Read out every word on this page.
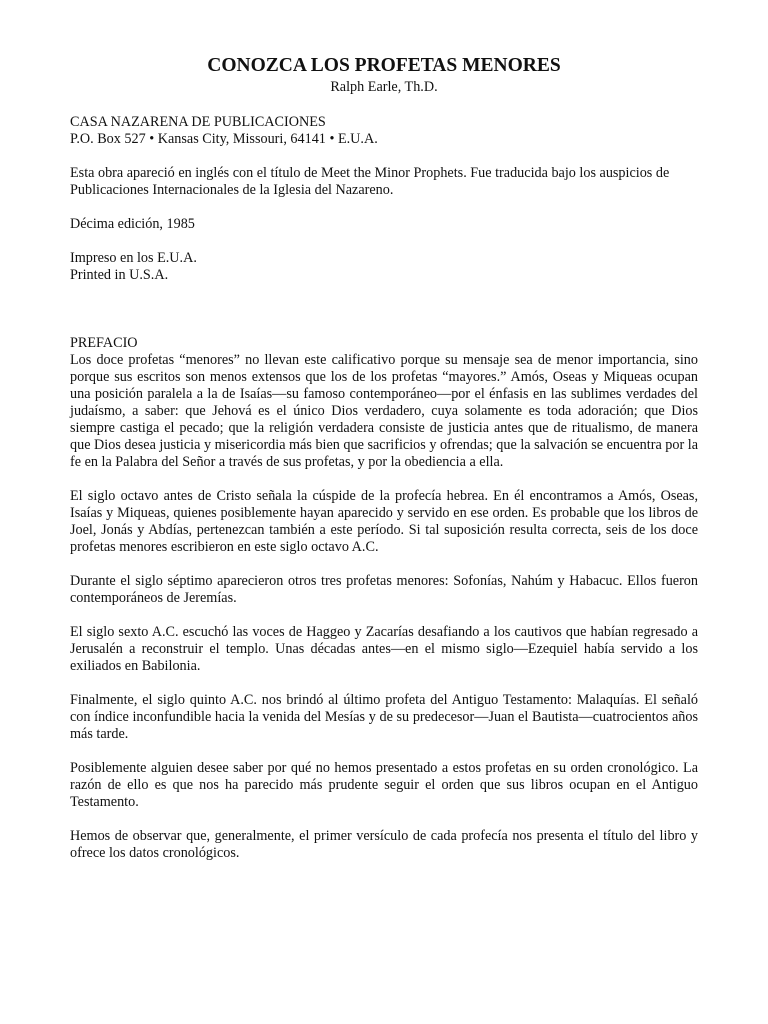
CONOZCA LOS PROFETAS MENORES

Ralph Earle, Th.D.

CASA NAZARENA DE PUBLICACIONES
P.O. Box 527 • Kansas City, Missouri, 64141 • E.U.A.

Esta obra apareció en inglés con el título de Meet the Minor Prophets. Fue traducida bajo los auspicios de Publicaciones Internacionales de la Iglesia del Nazareno.

Décima edición, 1985

Impreso en los E.U.A.
Printed in U.S.A.
PREFACIO

Los doce profetas “menores” no llevan este calificativo porque su mensaje sea de menor importancia, sino porque sus escritos son menos extensos que los de los profetas “mayores.” Amós, Oseas y Miqueas ocupan una posición paralela a la de Isaías—su famoso contemporáneo—por el énfasis en las sublimes verdades del judaísmo, a saber: que Jehová es el único Dios verdadero, cuya solamente es toda adoración; que Dios siempre castiga el pecado; que la religión verdadera consiste de justicia antes que de ritualismo, de manera que Dios desea justicia y misericordia más bien que sacrificios y ofrendas; que la salvación se encuentra por la fe en la Palabra del Señor a través de sus profetas, y por la obediencia a ella.

El siglo octavo antes de Cristo señala la cúspide de la profecía hebrea. En él encontramos a Amós, Oseas, Isaías y Miqueas, quienes posiblemente hayan aparecido y servido en ese orden. Es probable que los libros de Joel, Jonás y Abdías, pertenezcan también a este período. Si tal suposición resulta correcta, seis de los doce profetas menores escribieron en este siglo octavo A.C.

Durante el siglo séptimo aparecieron otros tres profetas menores: Sofonías, Nahúm y Habacuc. Ellos fueron contemporáneos de Jeremías.

El siglo sexto A.C. escuchó las voces de Haggeo y Zacarías desafiando a los cautivos que habían regresado a Jerusalén a reconstruir el templo. Unas décadas antes—en el mismo siglo—Ezequiel había servido a los exiliados en Babilonia.

Finalmente, el siglo quinto A.C. nos brindó al último profeta del Antiguo Testamento: Malaquías. El señaló con índice inconfundible hacia la venida del Mesías y de su predecesor—Juan el Bautista—cuatrocientos años más tarde.

Posiblemente alguien desee saber por qué no hemos presentado a estos profetas en su orden cronológico. La razón de ello es que nos ha parecido más prudente seguir el orden que sus libros ocupan en el Antiguo Testamento.

Hemos de observar que, generalmente, el primer versículo de cada profecía nos presenta el título del libro y ofrece los datos cronológicos.
